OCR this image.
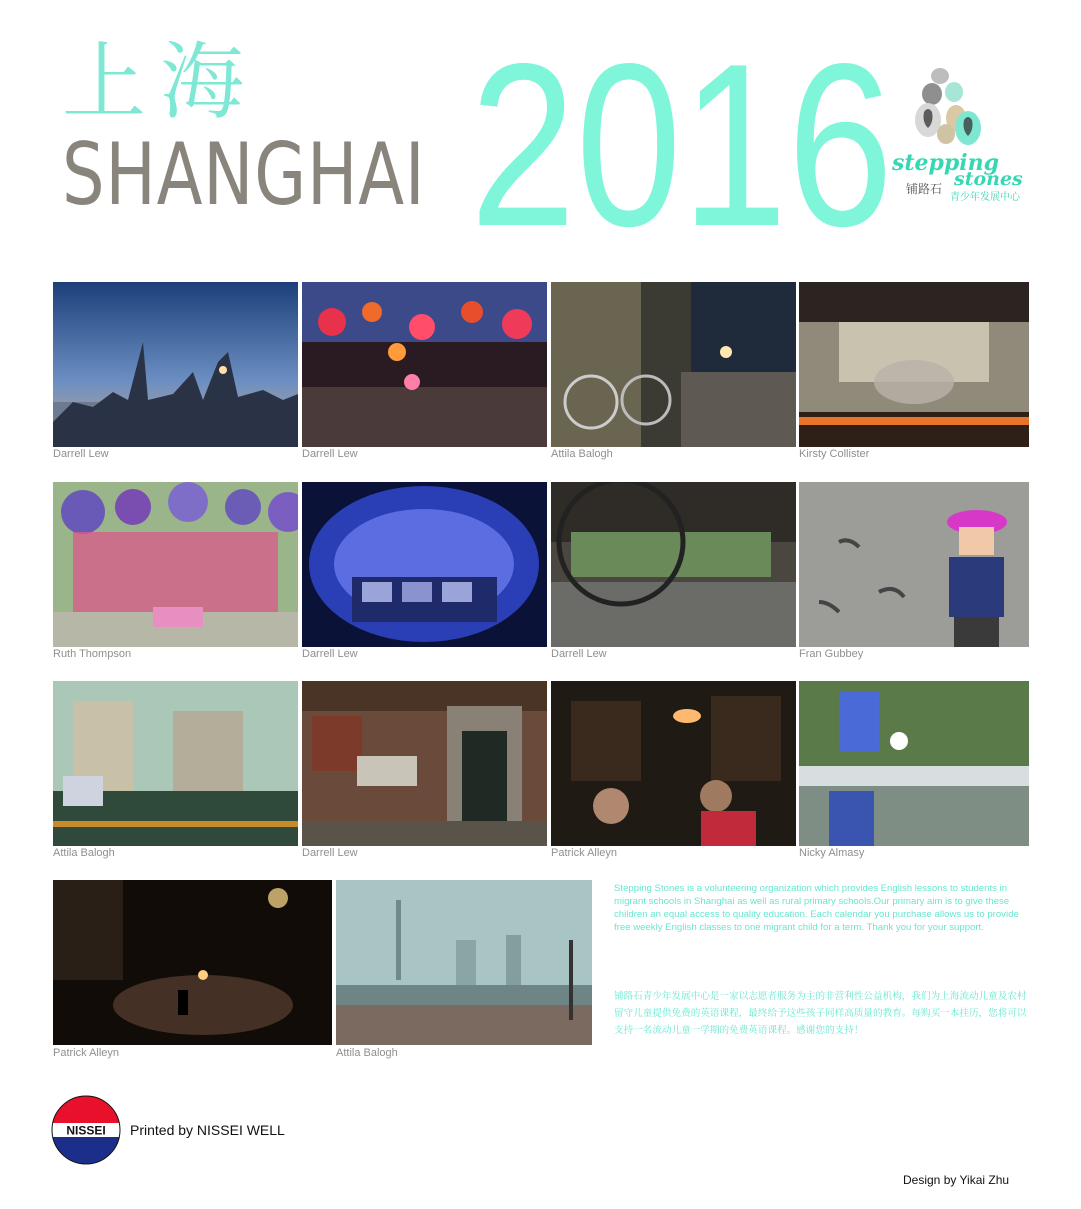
上海
SHANGHAI 2016
stepping
stones
铺路石
青少年发展中心
Darrell Lew	Darrell Lew	Attila Balogh	Kirsty Collister
Ruth Thompson	Darrell Lew	Darrell Lew	Fran Gubbey
Attila Balogh	Darrell Lew	Patrick Alleyn	Nicky Almasy
Patrick Alleyn	Attila Balogh
Stepping Stones is a volunteering organization which provides English lessons to students in migrant schools in Shanghai as well as rural primary schools.Our primary aim is to give these children an equal access to quality education. Each calendar you purchase allows us to provide free weekly English classes to one migrant child for a term. Thank you for your support.
铺路石青少年发展中心是一家以志愿者服务为主的非营利性公益机构，我们为上海流动儿童及农村留守儿童提供免费的英语课程，最终给予这些孩子同样高质量的教育。每购买一本挂历，您将可以支持一名流动儿童一学期的免费英语课程。感谢您的支持！
NISSEI Printed by NISSEI WELL
Design by Yikai Zhu
